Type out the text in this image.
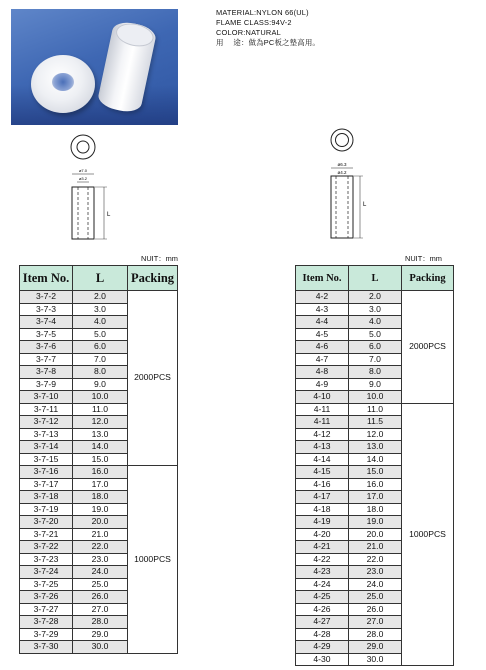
MATERIAL:NYLON 66(UL)
FLAME CLASS:94V-2
COLOR:NATURAL
用　 途：做為PC板之墊高用。
ø7.0
ø3.2
L
ø6.3
ø4.2
L
NUIT：mm	NUIT：mm
Item No.	L	Packing
3-7-2	2.0	2000PCS
3-7-3	3.0	
3-7-4	4.0	
3-7-5	5.0	
3-7-6	6.0	
3-7-7	7.0	
3-7-8	8.0	
3-7-9	9.0	
3-7-10	10.0	
3-7-11	11.0	
3-7-12	12.0	
3-7-13	13.0	
3-7-14	14.0	
3-7-15	15.0	
3-7-16	16.0	1000PCS
3-7-17	17.0	
3-7-18	18.0	
3-7-19	19.0	
3-7-20	20.0	
3-7-21	21.0	
3-7-22	22.0	
3-7-23	23.0	
3-7-24	24.0	
3-7-25	25.0	
3-7-26	26.0	
3-7-27	27.0	
3-7-28	28.0	
3-7-29	29.0	
3-7-30	30.0	
Item No.	L	Packing
4-2	2.0	2000PCS
4-3	3.0	
4-4	4.0	
4-5	5.0	
4-6	6.0	
4-7	7.0	
4-8	8.0	
4-9	9.0	
4-10	10.0	
4-11	11.0	1000PCS
4-11	11.5	
4-12	12.0	
4-13	13.0	
4-14	14.0	
4-15	15.0	
4-16	16.0	
4-17	17.0	
4-18	18.0	
4-19	19.0	
4-20	20.0	
4-21	21.0	
4-22	22.0	
4-23	23.0	
4-24	24.0	
4-25	25.0	
4-26	26.0	
4-27	27.0	
4-28	28.0	
4-29	29.0	
4-30	30.0	
